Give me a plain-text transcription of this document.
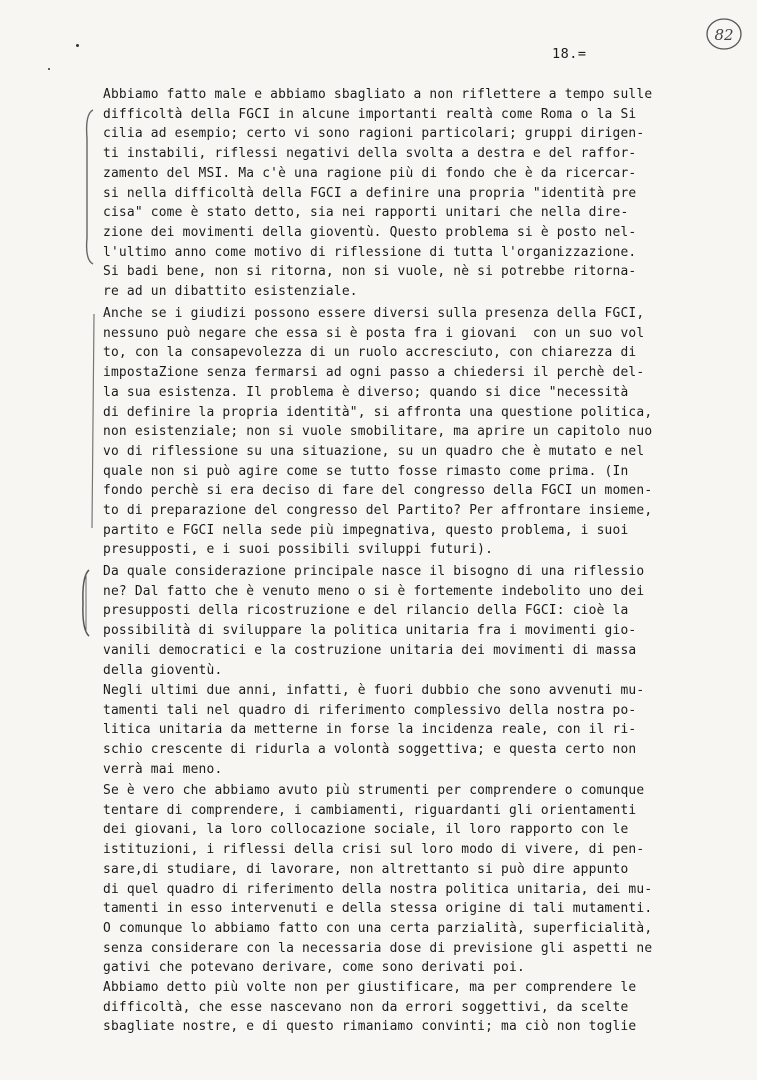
18.=
82

Abbiamo fatto male e abbiamo sbagliato a non riflettere a tempo sulle
difficoltà della FGCI in alcune importanti realtà come Roma o la Si
cilia ad esempio; certo vi sono ragioni particolari; gruppi dirigen-
ti instabili, riflessi negativi della svolta a destra e del raffor-
zamento del MSI. Ma c'è una ragione più di fondo che è da ricercar-
si nella difficoltà della FGCI a definire una propria "identità pre
cisa" come è stato detto, sia nei rapporti unitari che nella dire-
zione dei movimenti della gioventù. Questo problema si è posto nel-
l'ultimo anno come motivo di riflessione di tutta l'organizzazione.
Si badi bene, non si ritorna, non si vuole, nè si potrebbe ritorna-
re ad un dibattito esistenziale.

Anche se i giudizi possono essere diversi sulla presenza della FGCI,
nessuno può negare che essa si è posta fra i giovani  con un suo vol
to, con la consapevolezza di un ruolo accresciuto, con chiarezza di
impostaZione senza fermarsi ad ogni passo a chiedersi il perchè del-
la sua esistenza. Il problema è diverso; quando si dice "necessità
di definire la propria identità", si affronta una questione politica,
non esistenziale; non si vuole smobilitare, ma aprire un capitolo nuo
vo di riflessione su una situazione, su un quadro che è mutato e nel
quale non si può agire come se tutto fosse rimasto come prima. (In
fondo perchè si era deciso di fare del congresso della FGCI un momen-
to di preparazione del congresso del Partito? Per affrontare insieme,
partito e FGCI nella sede più impegnativa, questo problema, i suoi
presupposti, e i suoi possibili sviluppi futuri).

Da quale considerazione principale nasce il bisogno di una riflessio
ne? Dal fatto che è venuto meno o si è fortemente indebolito uno dei
presupposti della ricostruzione e del rilancio della FGCI: cioè la
possibilità di sviluppare la politica unitaria fra i movimenti gio-
vanili democratici e la costruzione unitaria dei movimenti di massa
della gioventù.

Negli ultimi due anni, infatti, è fuori dubbio che sono avvenuti mu-
tamenti tali nel quadro di riferimento complessivo della nostra po-
litica unitaria da metterne in forse la incidenza reale, con il ri-
schio crescente di ridurla a volontà soggettiva; e questa certo non
verrà mai meno.

Se è vero che abbiamo avuto più strumenti per comprendere o comunque
tentare di comprendere, i cambiamenti, riguardanti gli orientamenti
dei giovani, la loro collocazione sociale, il loro rapporto con le
istituzioni, i riflessi della crisi sul loro modo di vivere, di pen-
sare,di studiare, di lavorare, non altrettanto si può dire appunto
di quel quadro di riferimento della nostra politica unitaria, dei mu-
tamenti in esso intervenuti e della stessa origine di tali mutamenti.
O comunque lo abbiamo fatto con una certa parzialità, superficialità,
senza considerare con la necessaria dose di previsione gli aspetti ne
gativi che potevano derivare, come sono derivati poi.

Abbiamo detto più volte non per giustificare, ma per comprendere le
difficoltà, che esse nascevano non da errori soggettivi, da scelte
sbagliate nostre, e di questo rimaniamo convinti; ma ciò non toglie
